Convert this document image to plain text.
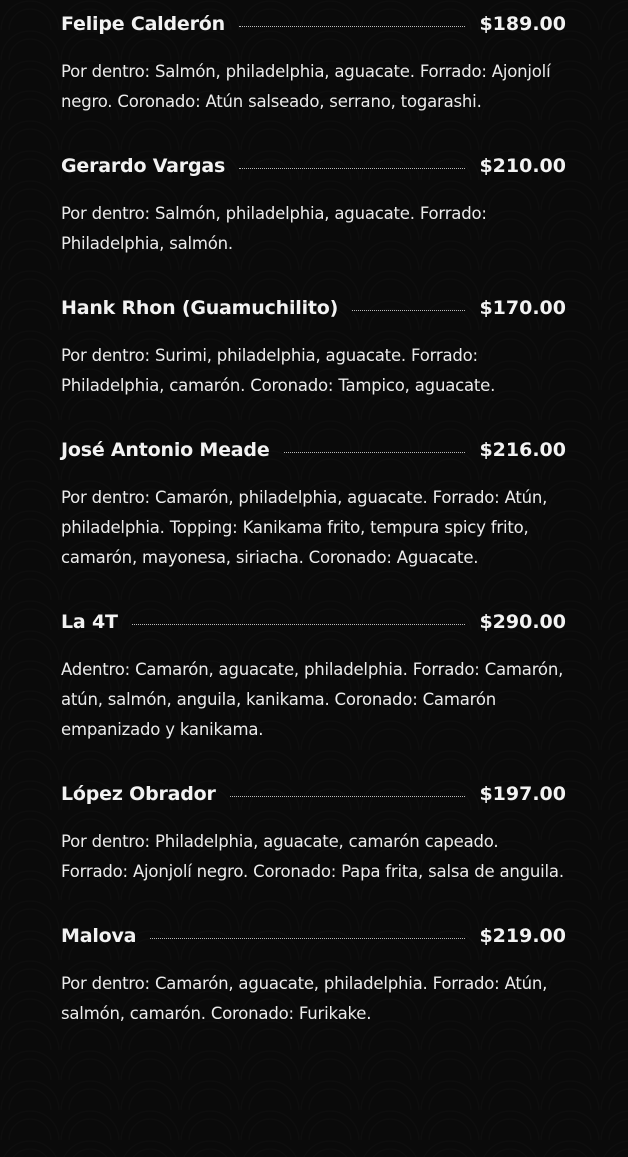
Felipe Calderón	$189.00
Por dentro: Salmón, philadelphia, aguacate. Forrado: Ajonjolí negro. Coronado: Atún salseado, serrano, togarashi.
Gerardo Vargas	$210.00
Por dentro: Salmón, philadelphia, aguacate. Forrado: Philadelphia, salmón.
Hank Rhon (Guamuchilito)	$170.00
Por dentro: Surimi, philadelphia, aguacate. Forrado: Philadelphia, camarón. Coronado: Tampico, aguacate.
José Antonio Meade	$216.00
Por dentro: Camarón, philadelphia, aguacate. Forrado: Atún, philadelphia. Topping: Kanikama frito, tempura spicy frito, camarón, mayonesa, siriacha. Coronado: Aguacate.
La 4T	$290.00
Adentro: Camarón, aguacate, philadelphia. Forrado: Camarón, atún, salmón, anguila, kanikama. Coronado: Camarón empanizado y kanikama.
López Obrador	$197.00
Por dentro: Philadelphia, aguacate, camarón capeado. Forrado: Ajonjolí negro. Coronado: Papa frita, salsa de anguila.
Malova	$219.00
Por dentro: Camarón, aguacate, philadelphia. Forrado: Atún, salmón, camarón. Coronado: Furikake.
